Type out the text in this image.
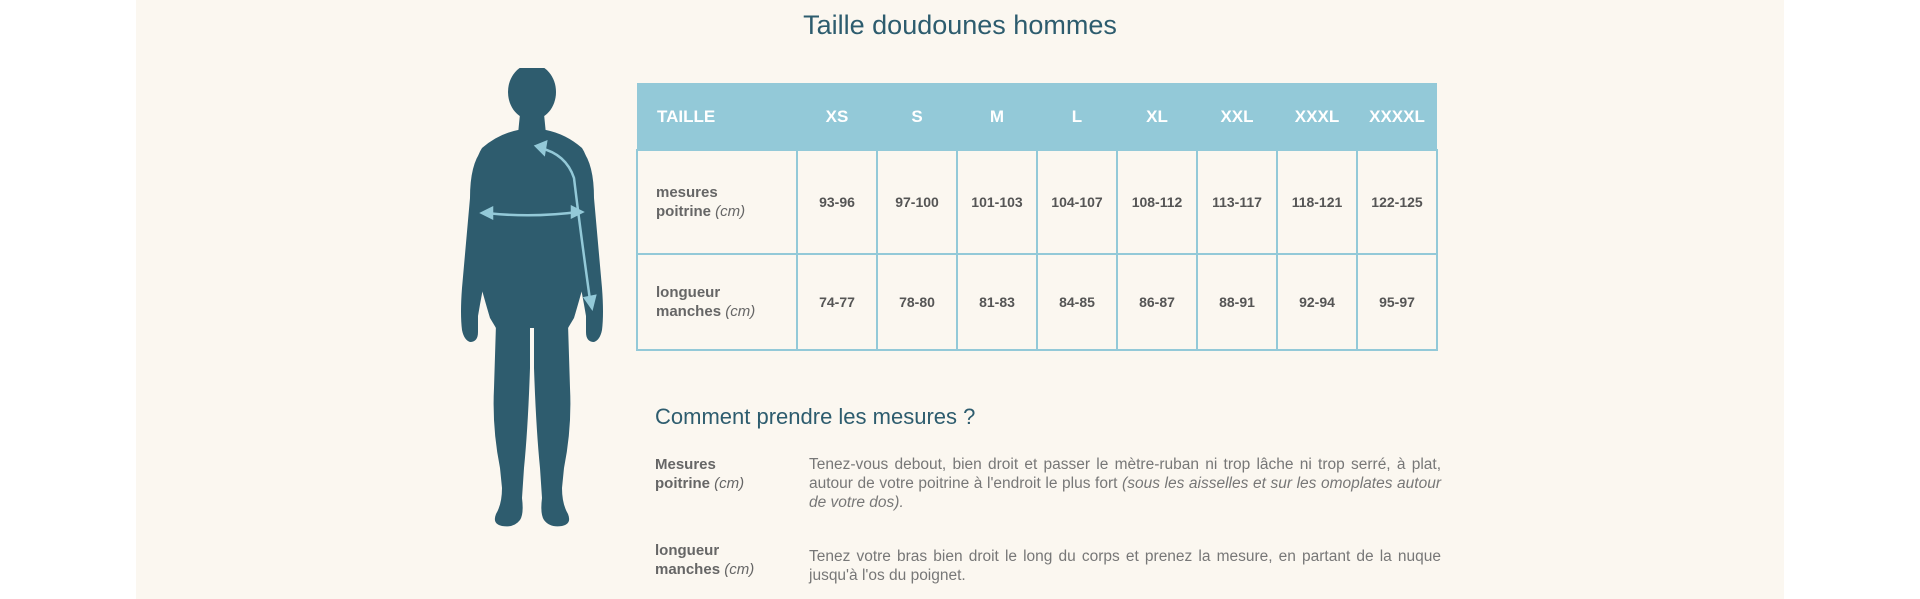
Taille doudounes hommes
TAILLE	XS	S	M	L	XL	XXL	XXXL	XXXXL
mesures
poitrine (cm)	93-96	97-100	101-103	104-107	108-112	113-117	118-121	122-125
longueur
manches (cm)	74-77	78-80	81-83	84-85	86-87	88-91	92-94	95-97
Comment prendre les mesures ?
Mesures
poitrine (cm)
Tenez-vous debout, bien droit et passer le mètre-ruban ni trop lâche ni trop serré, à plat, autour de votre poitrine à l'endroit le plus fort (sous les aisselles et sur les omoplates autour de votre dos).
longueur
manches (cm)
Tenez votre bras bien droit le long du corps et prenez la mesure, en partant de la nuque jusqu'à l'os du poignet.
